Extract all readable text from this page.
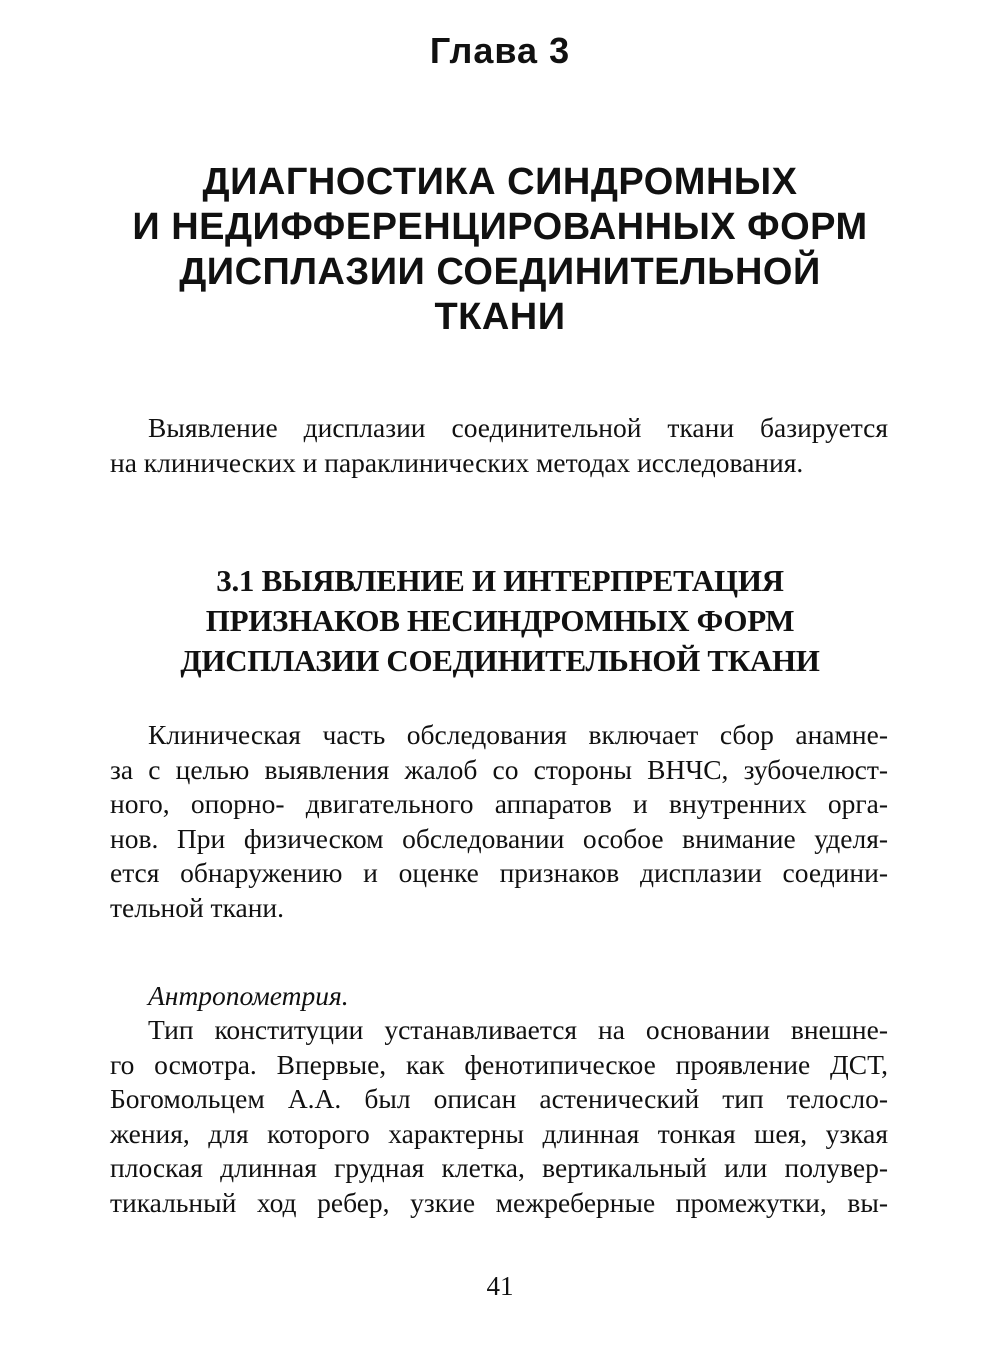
Глава 3
ДИАГНОСТИКА СИНДРОМНЫХ
И НЕДИФФЕРЕНЦИРОВАННЫХ ФОРМ
ДИСПЛАЗИИ СОЕДИНИТЕЛЬНОЙ
ТКАНИ
Выявление дисплазии соединительной ткани базируется
на клинических и параклинических методах исследования.
3.1 ВЫЯВЛЕНИЕ И ИНТЕРПРЕТАЦИЯ
ПРИЗНАКОВ НЕСИНДРОМНЫХ ФОРМ
ДИСПЛАЗИИ СОЕДИНИТЕЛЬНОЙ ТКАНИ
Клиническая часть обследования включает сбор анамне-
за с целью выявления жалоб со стороны ВНЧС, зубочелюст-
ного, опорно- двигательного аппаратов и внутренних орга-
нов. При физическом обследовании особое внимание уделя-
ется обнаружению и оценке признаков дисплазии соедини-
тельной ткани.
Антропометрия.
Тип конституции устанавливается на основании внешне-
го осмотра. Впервые, как фенотипическое проявление ДСТ,
Богомольцем А.А. был описан астенический тип телосло-
жения, для которого характерны длинная тонкая шея, узкая
плоская длинная грудная клетка, вертикальный или полувер-
тикальный ход ребер, узкие межреберные промежутки, вы-
41
